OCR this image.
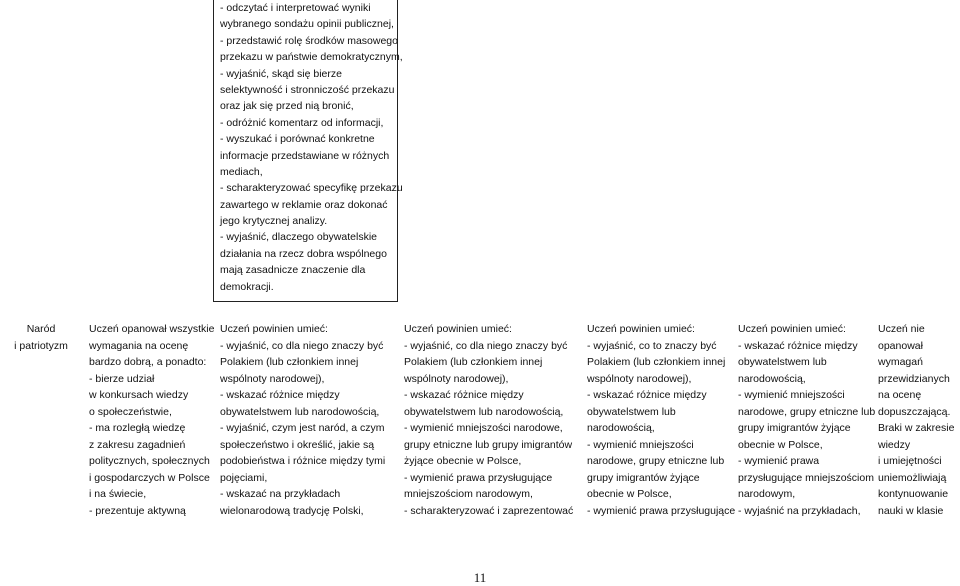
- odczytać i interpretować wyniki
wybranego sondażu opinii publicznej,
- przedstawić rolę środków masowego
przekazu w państwie demokratycznym,
- wyjaśnić, skąd się bierze
selektywność i stronniczość przekazu
oraz jak się przed nią bronić,
- odróżnić komentarz od informacji,
- wyszukać i porównać konkretne
informacje przedstawiane w różnych
mediach,
- scharakteryzować specyfikę przekazu
zawartego w reklamie oraz dokonać
jego krytycznej analizy.
- wyjaśnić, dlaczego obywatelskie
działania na rzecz dobra wspólnego
mają zasadnicze znaczenie dla
demokracji.
Naród
i patriotyzm
Uczeń opanował wszystkie
wymagania na ocenę
bardzo dobrą, a ponadto:
- bierze udział
w konkursach wiedzy
o społeczeństwie,
- ma rozległą wiedzę
z zakresu zagadnień
politycznych, społecznych
i gospodarczych w Polsce
i na świecie,
- prezentuje aktywną
Uczeń powinien umieć:
- wyjaśnić, co dla niego znaczy być
Polakiem (lub członkiem innej
wspólnoty narodowej),
- wskazać różnice między
obywatelstwem lub narodowością,
- wyjaśnić, czym jest naród, a czym
społeczeństwo i określić, jakie są
podobieństwa i różnice między tymi
pojęciami,
- wskazać na przykładach
wielonarodową tradycję Polski,
Uczeń powinien umieć:
- wyjaśnić, co dla niego znaczy być
Polakiem (lub członkiem innej
wspólnoty narodowej),
- wskazać różnice między
obywatelstwem lub narodowością,
- wymienić mniejszości narodowe,
grupy etniczne lub grupy imigrantów
żyjące obecnie w Polsce,
- wymienić prawa przysługujące
mniejszościom narodowym,
- scharakteryzować i zaprezentować
Uczeń powinien umieć:
- wyjaśnić, co to znaczy być
Polakiem (lub członkiem innej
wspólnoty narodowej),
- wskazać różnice między
obywatelstwem lub
narodowością,
- wymienić mniejszości
narodowe, grupy etniczne lub
grupy imigrantów żyjące
obecnie w Polsce,
- wymienić prawa przysługujące
Uczeń powinien umieć:
- wskazać różnice między
obywatelstwem lub
narodowością,
- wymienić mniejszości
narodowe, grupy etniczne lub
grupy imigrantów żyjące
obecnie w Polsce,
- wymienić prawa
przysługujące mniejszościom
narodowym,
- wyjaśnić na przykładach,
Uczeń nie
opanował
wymagań
przewidzianych
na ocenę
dopuszczającą.
Braki w zakresie
wiedzy
i umiejętności
uniemożliwiają
kontynuowanie
nauki w klasie
11
